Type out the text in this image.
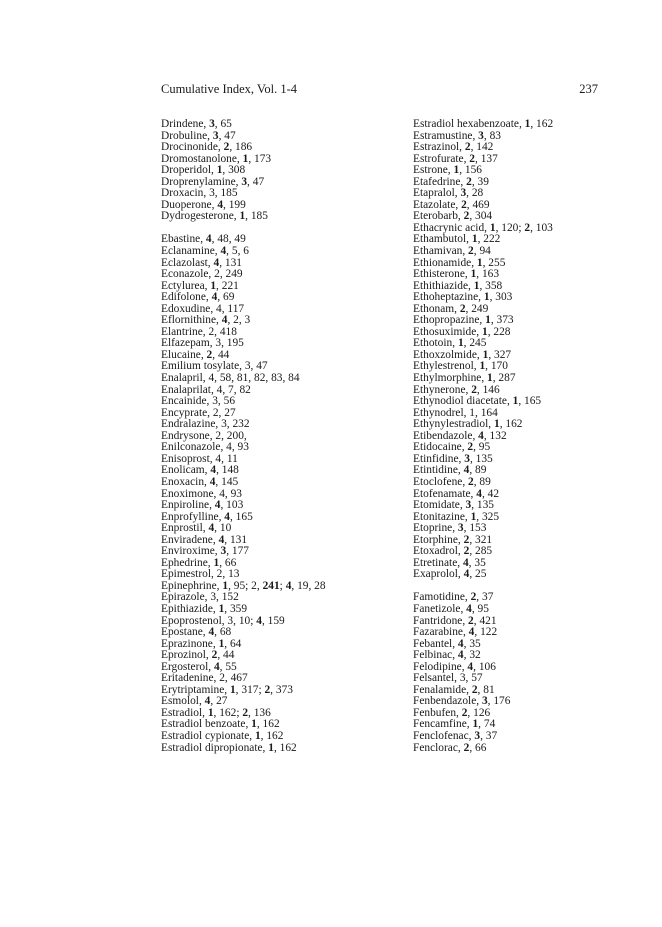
Cumulative Index, Vol. 1-4	237
Drindene, 3, 65
Drobuline, 3, 47
Drocinonide, 2, 186
Dromostanolone, 1, 173
Droperidol, 1, 308
Droprenylamine, 3, 47
Droxacin, 3, 185
Duoperone, 4, 199
Dydrogesterone, 1, 185
Ebastine, 4, 48, 49
Eclanamine, 4, 5, 6
Eclazolast, 4, 131
Econazole, 2, 249
Ectylurea, 1, 221
Edifolone, 4, 69
Edoxudine, 4, 117
Eflornithine, 4, 2, 3
Elantrine, 2, 418
Elfazepam, 3, 195
Elucaine, 2, 44
Emilium tosylate, 3, 47
Enalapril, 4, 58, 81, 82, 83, 84
Enalaprilat, 4, 7, 82
Encainide, 3, 56
Encyprate, 2, 27
Endralazine, 3, 232
Endrysone, 2, 200,
Enilconazole, 4, 93
Enisoprost, 4, 11
Enolicam, 4, 148
Enoxacin, 4, 145
Enoximone, 4, 93
Enpiroline, 4, 103
Enprofylline, 4, 165
Enprostil, 4, 10
Enviradene, 4, 131
Enviroxime, 3, 177
Ephedrine, 1, 66
Epimestrol, 2, 13
Epinephrine, 1, 95; 2, 241; 4, 19, 28
Epirazole, 3, 152
Epithiazide, 1, 359
Epoprostenol, 3, 10; 4, 159
Epostane, 4, 68
Eprazinone, 1, 64
Eprozinol, 2, 44
Ergosterol, 4, 55
Eritadenine, 2, 467
Erytriptamine, 1, 317; 2, 373
Esmolol, 4, 27
Estradiol, 1, 162; 2, 136
Estradiol benzoate, 1, 162
Estradiol cypionate, 1, 162
Estradiol dipropionate, 1, 162
Estradiol hexabenzoate, 1, 162
Estramustine, 3, 83
Estrazinol, 2, 142
Estrofurate, 2, 137
Estrone, 1, 156
Etafedrine, 2, 39
Etapralol, 3, 28
Etazolate, 2, 469
Eterobarb, 2, 304
Ethacrynic acid, 1, 120; 2, 103
Ethambutol, 1, 222
Ethamivan, 2, 94
Ethionamide, 1, 255
Ethisterone, 1, 163
Ethithiazide, 1, 358
Ethoheptazine, 1, 303
Ethonam, 2, 249
Ethopropazine, 1, 373
Ethosuximide, 1, 228
Ethotoin, 1, 245
Ethoxzolmide, 1, 327
Ethylestrenol, 1, 170
Ethylmorphine, 1, 287
Ethynerone, 2, 146
Ethynodiol diacetate, 1, 165
Ethynodrel, 1, 164
Ethynylestradiol, 1, 162
Etibendazole, 4, 132
Etidocaine, 2, 95
Etinfidine, 3, 135
Etintidine, 4, 89
Etoclofene, 2, 89
Etofenamate, 4, 42
Etomidate, 3, 135
Etonitazine, 1, 325
Etoprine, 3, 153
Etorphine, 2, 321
Etoxadrol, 2, 285
Etretinate, 4, 35
Exaprolol, 4, 25
Famotidine, 2, 37
Fanetizole, 4, 95
Fantridone, 2, 421
Fazarabine, 4, 122
Febantel, 4, 35
Felbinac, 4, 32
Felodipine, 4, 106
Felsantel, 3, 57
Fenalamide, 2, 81
Fenbendazole, 3, 176
Fenbufen, 2, 126
Fencamfine, 1, 74
Fenclofenac, 3, 37
Fenclorac, 2, 66
